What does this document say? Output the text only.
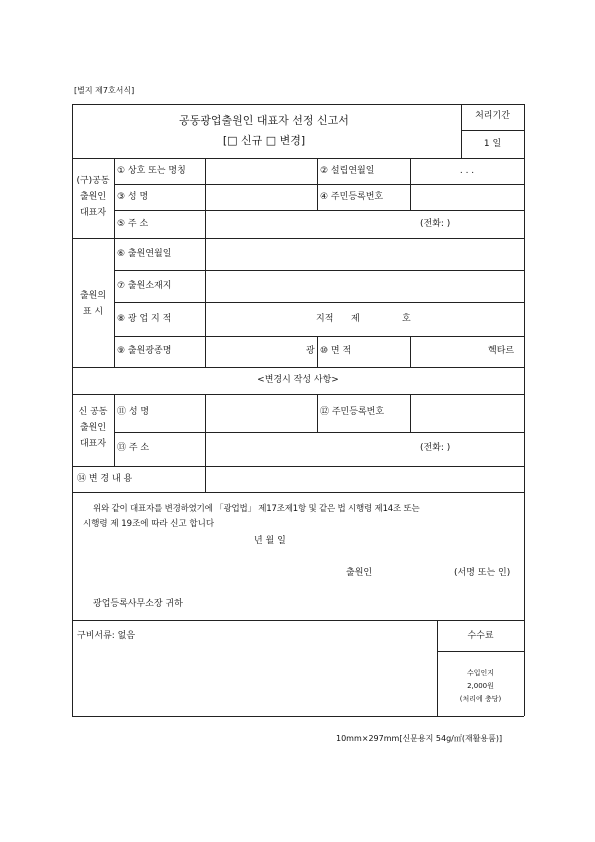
[별지 제7호서식]
공동광업출원인 대표자 선정 신고서
[□ 신규 □ 변경]
처리기간
1 일
(구)공동
출원인
대표자
① 상호 또는 명칭	② 설립연월일	. . .
③ 성 명	④ 주민등록번호
⑤ 주 소	(전화: )
출원의
표 시
⑥ 출원연월일
⑦ 출원소재지
⑧ 광 업 지 적	지적 제	호
⑨ 출원광종명	광 ⑩ 면 적	헥타르
<변경시 작성 사항>
신 공동
출원인
대표자
⑪ 성 명	⑫ 주민등록번호
⑬ 주 소	(전화: )
⑭ 변 경 내 용
위와 같이 대표자를 변경하였기에 「광업법」 제17조제1항 및 같은 법 시행령 제14조 또는
시행령 제 19조에 따라 신고 합니다
년 월 일
출원인	(서명 또는 인)
광업등록사무소장 귀하
구비서류: 없음	수수료
수입인지
2,000원
(처리에 충당)
10mm×297mm[신문용지 54g/㎡(재활용품)]
